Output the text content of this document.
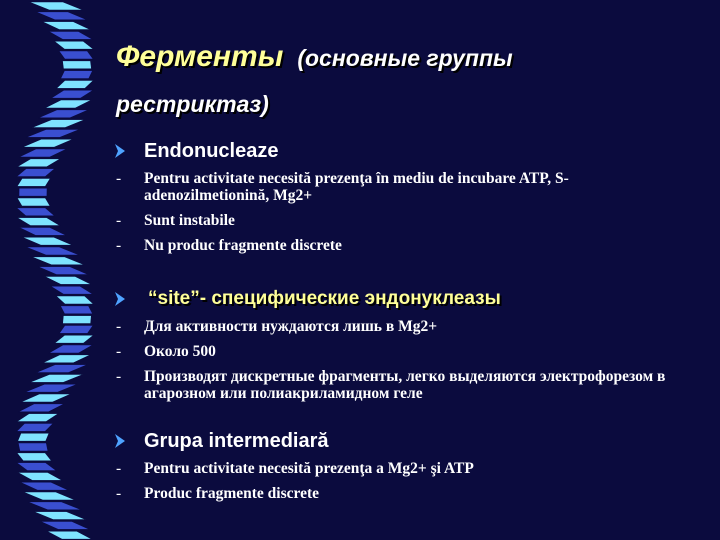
Ферменты (основные группы
рестриктаз)
Endonucleaze
- Pentru activitate necesită prezenţa în mediu de incubare ATP, S-adenozilmetionină, Mg2+
- Sunt instabile
- Nu produc fragmente discrete
“site”- специфические эндонуклеазы
- Для активности нуждаются лишь в Mg2+
- Около 500
- Производят дискретные фрагменты, легко выделяются электрофорезом в агарозном или полиакриламидном геле
Grupa intermediară
- Pentru activitate necesită prezenţa a Mg2+ şi ATP
- Produc fragmente discrete
